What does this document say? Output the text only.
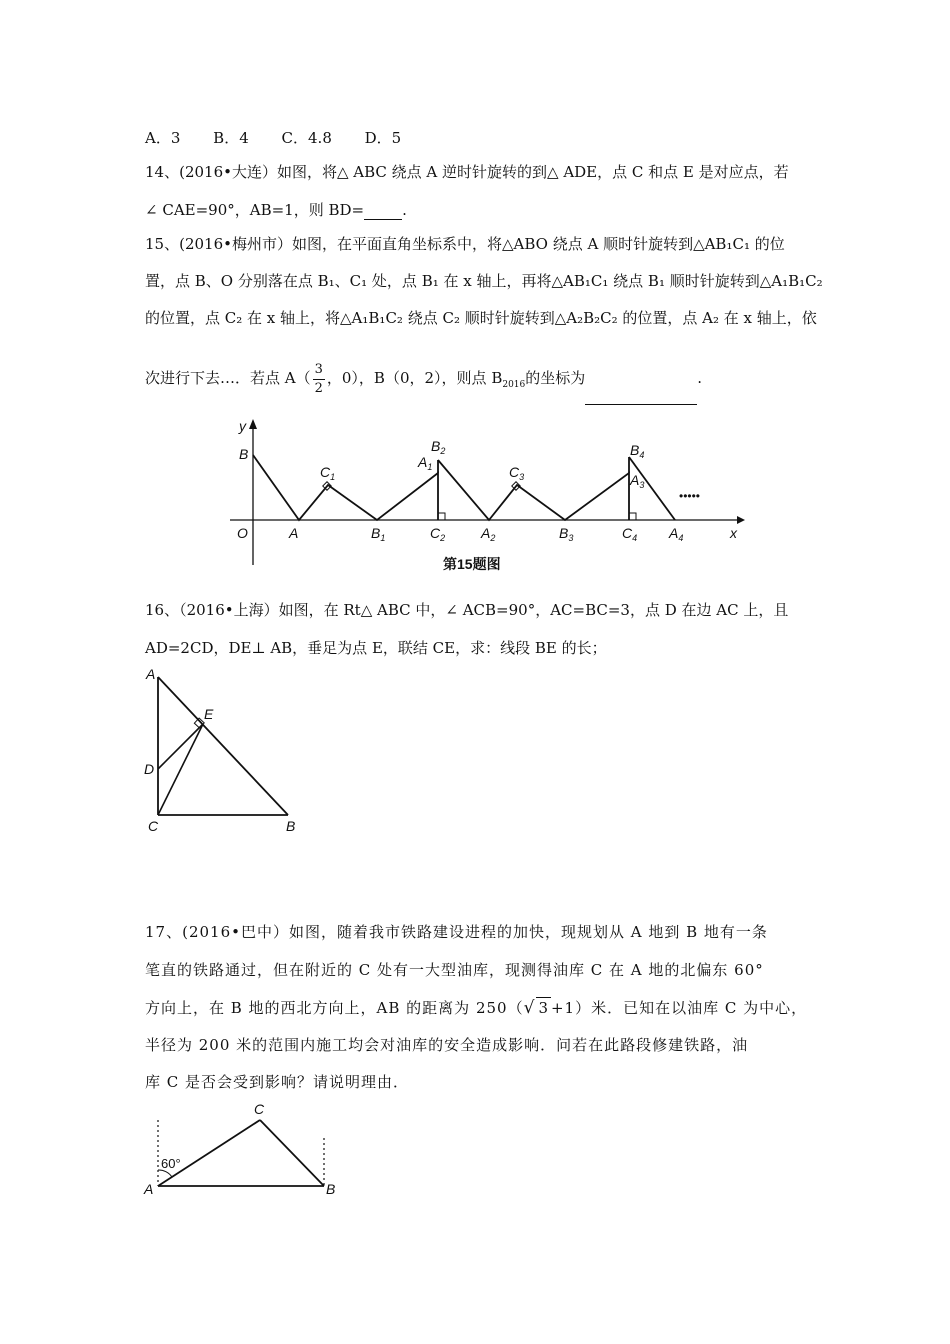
A．3 B．4 C．4.8 D．5
14、(2016•大连）如图，将△ ABC 绕点 A 逆时针旋转的到△ ADE，点 C 和点 E 是对应点，若
∠ CAE=90°，AB=1，则 BD=	.
15、(2016•梅州市）如图，在平面直角坐标系中，将△ABO 绕点 A 顺时针旋转到△AB₁C₁ 的位
置，点 B、O 分别落在点 B₁、C₁ 处，点 B₁ 在 x 轴上，再将△AB₁C₁ 绕点 B₁ 顺时针旋转到△A₁B₁C₂
的位置，点 C₂ 在 x 轴上，将△A₁B₁C₂ 绕点 C₂ 顺时针旋转到△A₂B₂C₂ 的位置，点 A₂ 在 x 轴上，依
次进行下去…．若点 $A( \frac{3}{2}$ ，0），B（0，2），则点 $B_{2016}$的坐标为	.
y
x
O
B
A
$C_1$
$B_1$
$A_1$
$B_2$
$C_2$	$A_2$
$C_3$
$B_3$
$B_4$
$A_3$
$C_4$ $A_4$
•••••
第15题图
16、（2016•上海）如图，在 Rt△ ABC 中，∠ ACB=90°，AC=BC=3，点 D 在边 AC 上，且
AD=2CD，DE⊥ AB，垂足为点 E，联结 CE，求：线段 BE 的长；
A
E
D
C	B
17、(2016•巴中）如图，随着我市铁路建设进程的加快，现规划从 A 地到 B 地有一条
笔直的铁路通过，但在附近的 C 处有一大型油库，现测得油库 C 在 A 地的北偏东 60°
方向上，在 B 地的西北方向上，AB 的距离为 250（√ 3 +1）米．已知在以油库 C 为中心，
半径为 200 米的范围内施工均会对油库的安全造成影响．问若在此路段修建铁路，油
库 C 是否会受到影响？请说明理由．
C
A	B
60°
